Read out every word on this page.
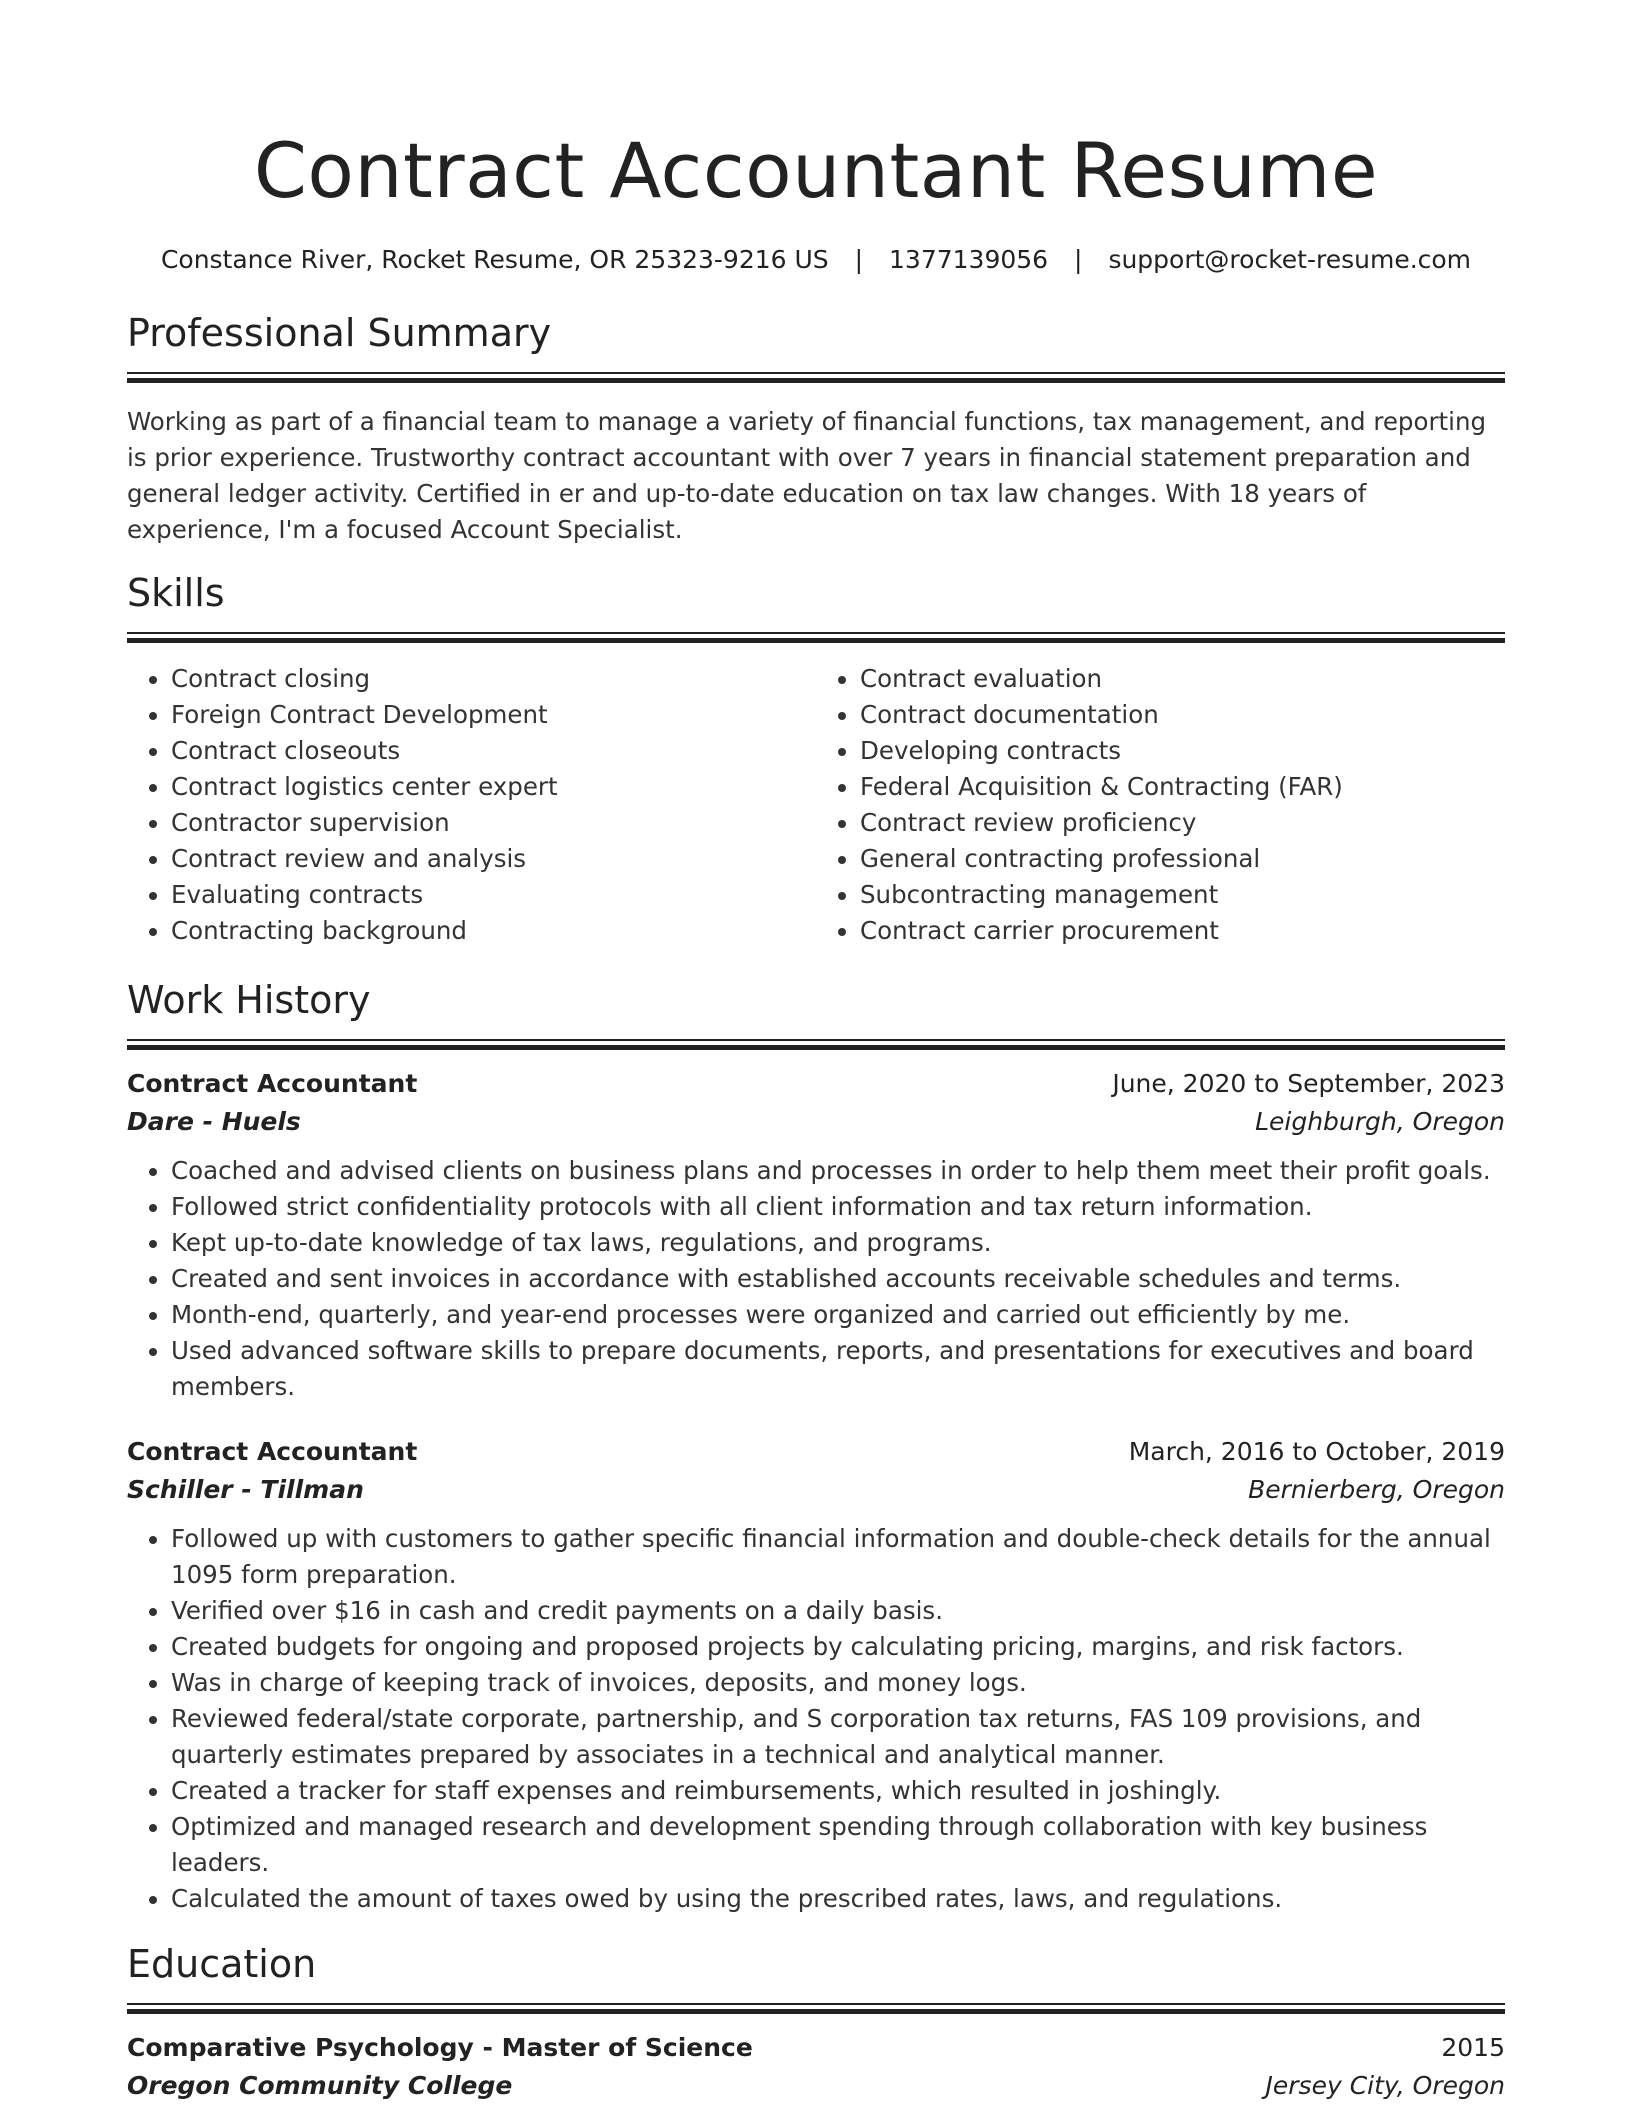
Contract Accountant Resume
Constance River, Rocket Resume, OR 25323-9216 US | 1377139056 | support@rocket-resume.com
Professional Summary

Working as part of a financial team to manage a variety of financial functions, tax management, and reporting is prior experience. Trustworthy contract accountant with over 7 years in financial statement preparation and general ledger activity. Certified in er and up-to-date education on tax law changes. With 18 years of experience, I'm a focused Account Specialist.

Skills
• Contract closing
• Foreign Contract Development
• Contract closeouts
• Contract logistics center expert
• Contractor supervision
• Contract review and analysis
• Evaluating contracts
• Contracting background
• Contract evaluation
• Contract documentation
• Developing contracts
• Federal Acquisition & Contracting (FAR)
• Contract review proficiency
• General contracting professional
• Subcontracting management
• Contract carrier procurement
Work History
Contract Accountant	June, 2020 to September, 2023
Dare - Huels	Leighburgh, Oregon
• Coached and advised clients on business plans and processes in order to help them meet their profit goals.
• Followed strict confidentiality protocols with all client information and tax return information.
• Kept up-to-date knowledge of tax laws, regulations, and programs.
• Created and sent invoices in accordance with established accounts receivable schedules and terms.
• Month-end, quarterly, and year-end processes were organized and carried out efficiently by me.
• Used advanced software skills to prepare documents, reports, and presentations for executives and board members.
Contract Accountant	March, 2016 to October, 2019
Schiller - Tillman	Bernierberg, Oregon
• Followed up with customers to gather specific financial information and double-check details for the annual 1095 form preparation.
• Verified over $16 in cash and credit payments on a daily basis.
• Created budgets for ongoing and proposed projects by calculating pricing, margins, and risk factors.
• Was in charge of keeping track of invoices, deposits, and money logs.
• Reviewed federal/state corporate, partnership, and S corporation tax returns, FAS 109 provisions, and quarterly estimates prepared by associates in a technical and analytical manner.
• Created a tracker for staff expenses and reimbursements, which resulted in joshingly.
• Optimized and managed research and development spending through collaboration with key business leaders.
• Calculated the amount of taxes owed by using the prescribed rates, laws, and regulations.
Education
Comparative Psychology - Master of Science	2015
Oregon Community College	Jersey City, Oregon
